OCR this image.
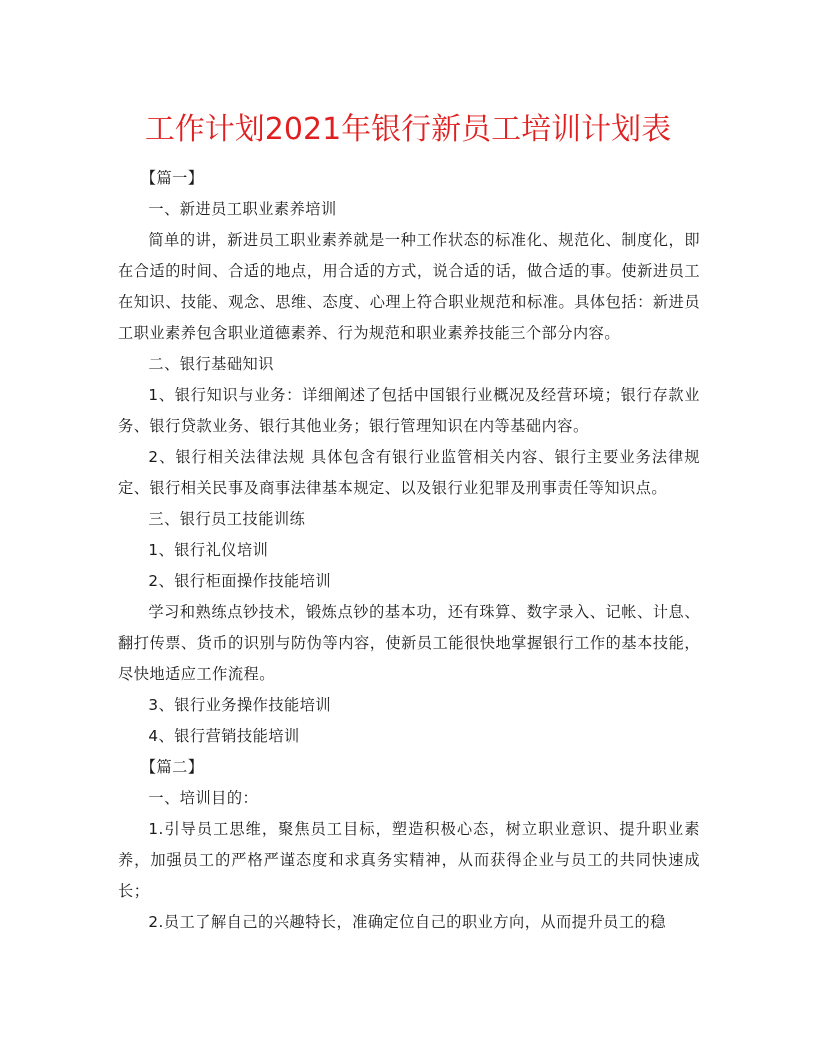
工作计划2021年银行新员工培训计划表

【篇一】

一、新进员工职业素养培训

简单的讲，新进员工职业素养就是一种工作状态的标准化、规范化、制度化，即在合适的时间、合适的地点，用合适的方式，说合适的话，做合适的事。使新进员工在知识、技能、观念、思维、态度、心理上符合职业规范和标准。具体包括：新进员工职业素养包含职业道德素养、行为规范和职业素养技能三个部分内容。

二、银行基础知识

1、银行知识与业务：详细阐述了包括中国银行业概况及经营环境；银行存款业务、银行贷款业务、银行其他业务；银行管理知识在内等基础内容。

2、银行相关法律法规 具体包含有银行业监管相关内容、银行主要业务法律规定、银行相关民事及商事法律基本规定、以及银行业犯罪及刑事责任等知识点。

三、银行员工技能训练

1、银行礼仪培训

2、银行柜面操作技能培训

学习和熟练点钞技术，锻炼点钞的基本功，还有珠算、数字录入、记帐、计息、翻打传票、货币的识别与防伪等内容，使新员工能很快地掌握银行工作的基本技能，尽快地适应工作流程。

3、银行业务操作技能培训

4、银行营销技能培训

【篇二】

一、培训目的：

1.引导员工思维，聚焦员工目标，塑造积极心态，树立职业意识、提升职业素养，加强员工的严格严谨态度和求真务实精神，从而获得企业与员工的共同快速成长；

2.员工了解自己的兴趣特长，准确定位自己的职业方向，从而提升员工的稳
